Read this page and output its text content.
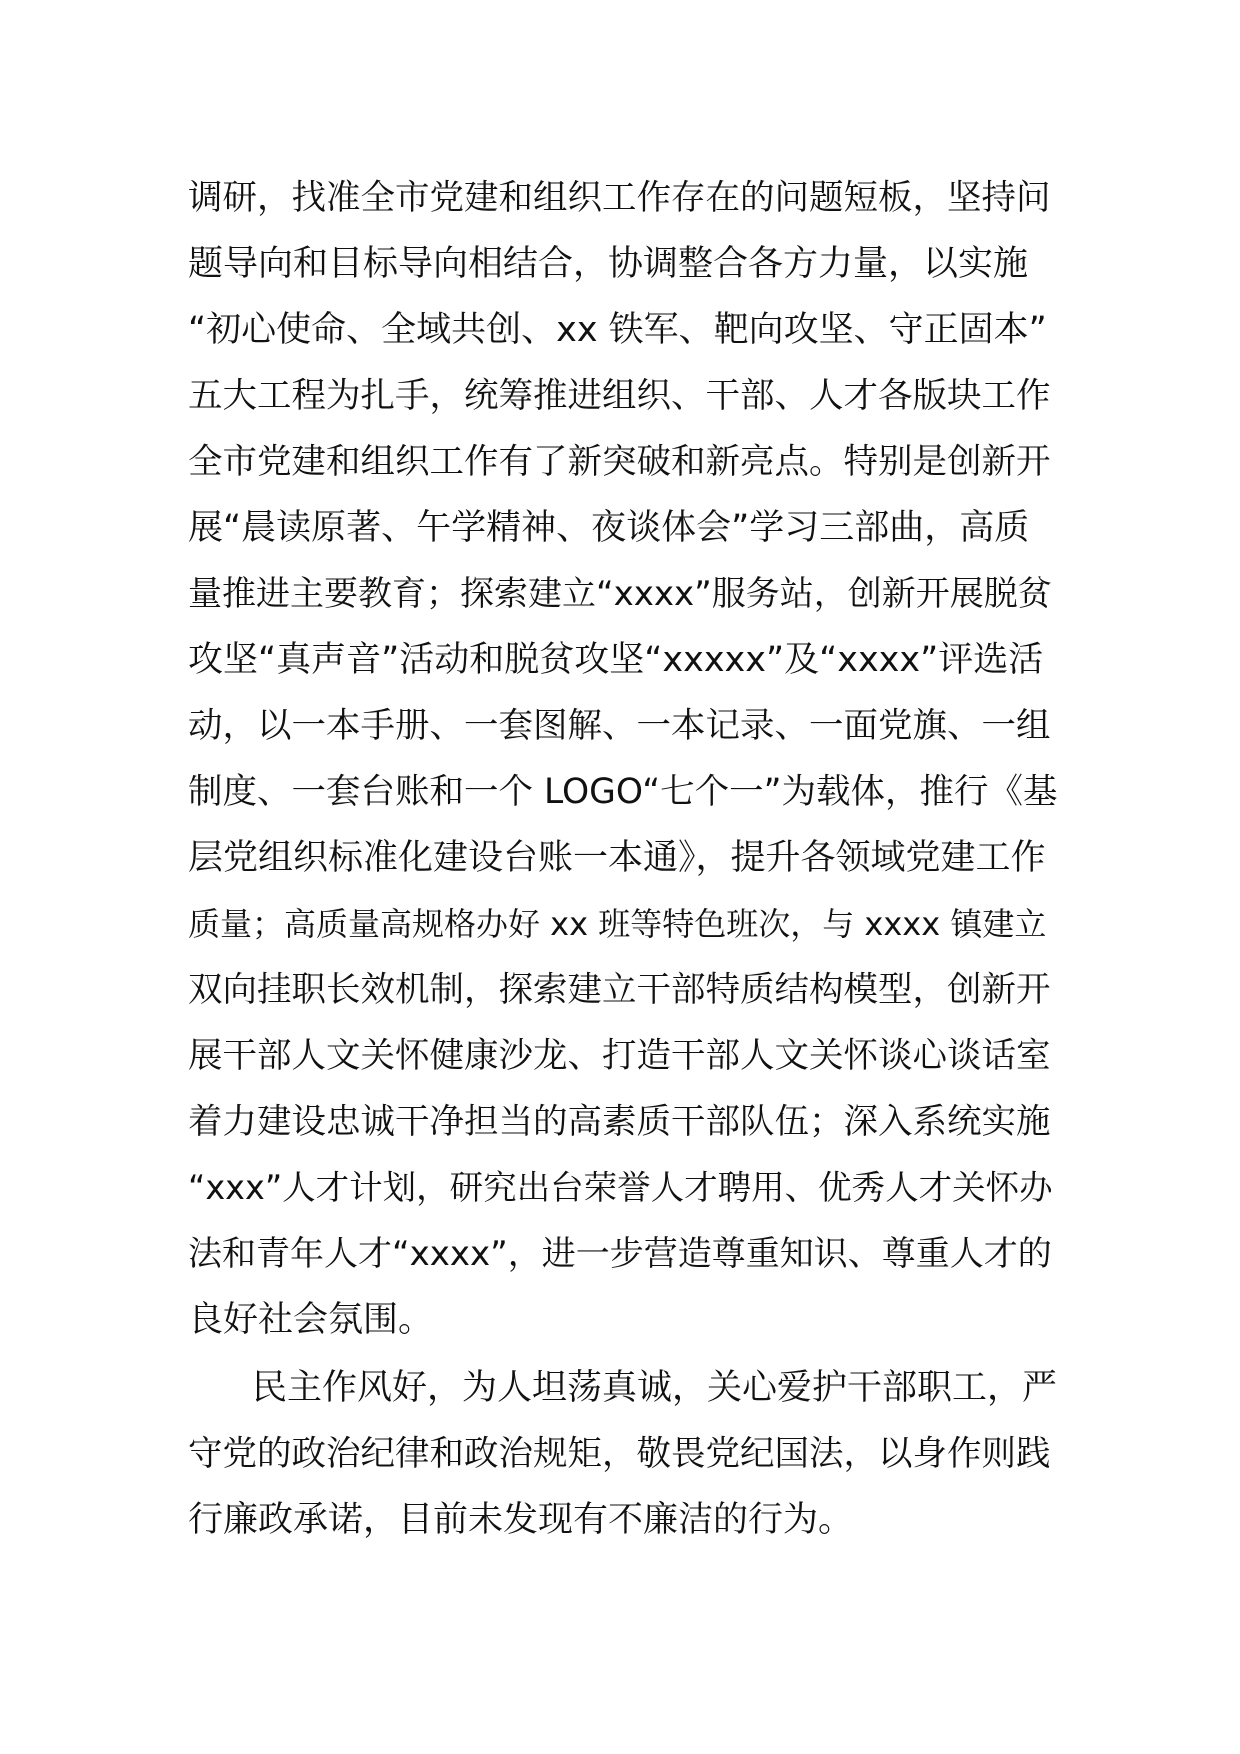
调研，找准全市党建和组织工作存在的问题短板，坚持问
题导向和目标导向相结合，协调整合各方力量，以实施
“初心使命、全域共创、xx 铁军、靶向攻坚、守正固本”
五大工程为扎手，统筹推进组织、干部、人才各版块工作
全市党建和组织工作有了新突破和新亮点。特别是创新开
展“晨读原著、午学精神、夜谈体会”学习三部曲，高质
量推进主要教育；探索建立“xxxx”服务站，创新开展脱贫
攻坚“真声音”活动和脱贫攻坚“xxxxx”及“xxxx”评选活
动，以一本手册、一套图解、一本记录、一面党旗、一组
制度、一套台账和一个 LOGO“七个一”为载体，推行《基
层党组织标准化建设台账一本通》，提升各领域党建工作
质量；高质量高规格办好 xx 班等特色班次，与 xxxx 镇建立
双向挂职长效机制，探索建立干部特质结构模型，创新开
展干部人文关怀健康沙龙、打造干部人文关怀谈心谈话室
着力建设忠诚干净担当的高素质干部队伍；深入系统实施
“xxx”人才计划，研究出台荣誉人才聘用、优秀人才关怀办
法和青年人才“xxxx”，进一步营造尊重知识、尊重人才的
良好社会氛围。
民主作风好，为人坦荡真诚，关心爱护干部职工，严
守党的政治纪律和政治规矩，敬畏党纪国法，以身作则践
行廉政承诺，目前未发现有不廉洁的行为。
